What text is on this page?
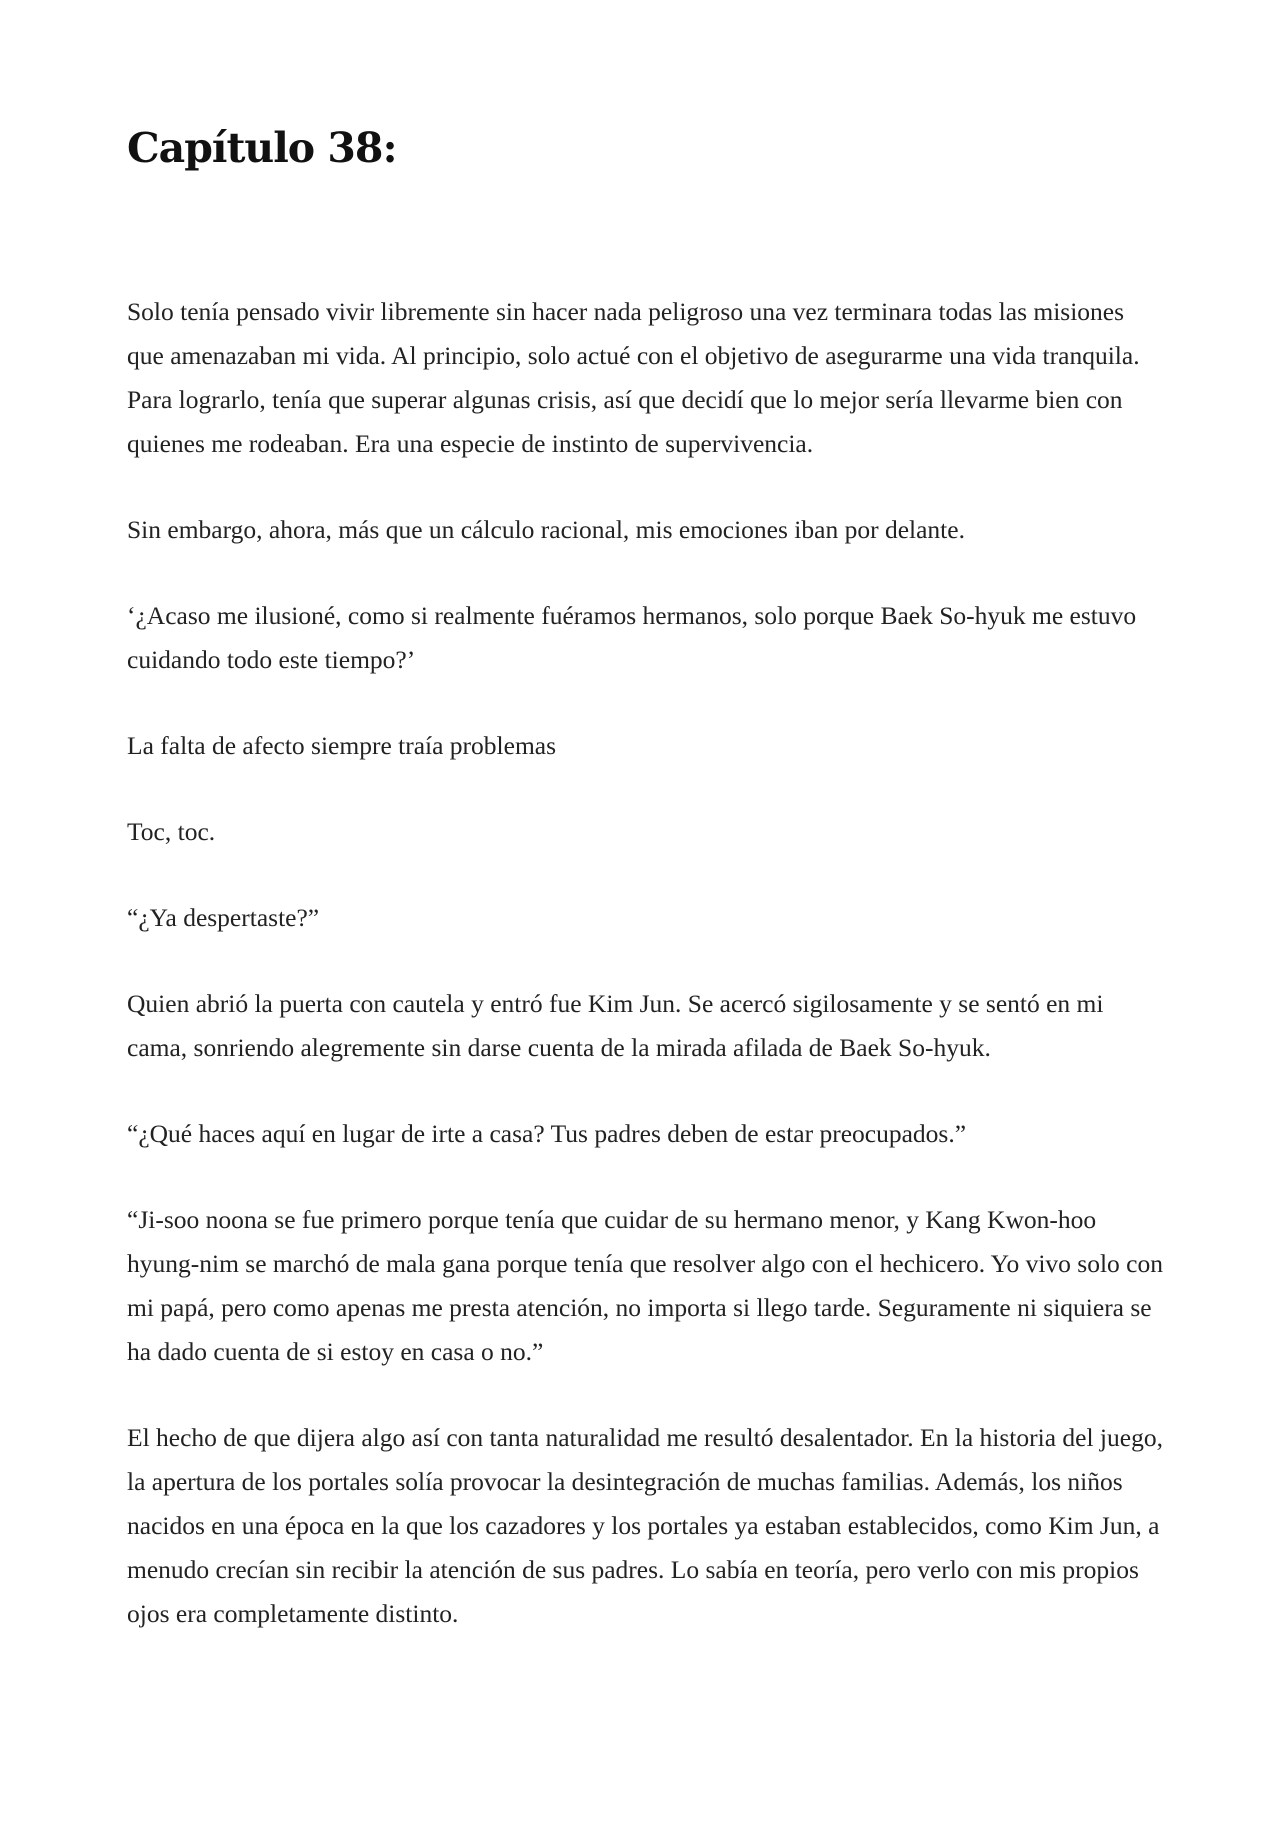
Capítulo 38:

Solo tenía pensado vivir libremente sin hacer nada peligroso una vez terminara todas las misiones que amenazaban mi vida. Al principio, solo actué con el objetivo de asegurarme una vida tranquila. Para lograrlo, tenía que superar algunas crisis, así que decidí que lo mejor sería llevarme bien con quienes me rodeaban. Era una especie de instinto de supervivencia.

Sin embargo, ahora, más que un cálculo racional, mis emociones iban por delante.

‘¿Acaso me ilusioné, como si realmente fuéramos hermanos, solo porque Baek So-hyuk me estuvo cuidando todo este tiempo?’

La falta de afecto siempre traía problemas

Toc, toc.

“¿Ya despertaste?”

Quien abrió la puerta con cautela y entró fue Kim Jun. Se acercó sigilosamente y se sentó en mi cama, sonriendo alegremente sin darse cuenta de la mirada afilada de Baek So-hyuk.

“¿Qué haces aquí en lugar de irte a casa? Tus padres deben de estar preocupados.”

“Ji-soo noona se fue primero porque tenía que cuidar de su hermano menor, y Kang Kwon-hoo hyung-nim se marchó de mala gana porque tenía que resolver algo con el hechicero. Yo vivo solo con mi papá, pero como apenas me presta atención, no importa si llego tarde. Seguramente ni siquiera se ha dado cuenta de si estoy en casa o no.”

El hecho de que dijera algo así con tanta naturalidad me resultó desalentador. En la historia del juego, la apertura de los portales solía provocar la desintegración de muchas familias. Además, los niños nacidos en una época en la que los cazadores y los portales ya estaban establecidos, como Kim Jun, a menudo crecían sin recibir la atención de sus padres. Lo sabía en teoría, pero verlo con mis propios ojos era completamente distinto.
